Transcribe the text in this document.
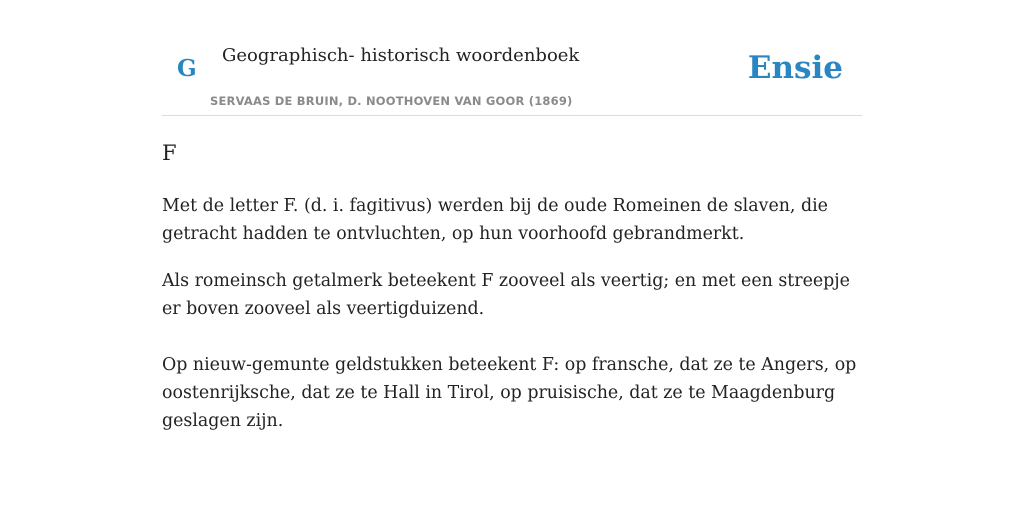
G Geographisch- historisch woordenboek
SERVAAS DE BRUIN, D. NOOTHOVEN VAN GOOR (1869)
Ensie
F

Met de letter F. (d. i. fagitivus) werden bij de oude Romeinen de slaven, die getracht hadden te ontvluchten, op hun voorhoofd gebrandmerkt.

Als romeinsch getalmerk beteekent F zooveel als veertig; en met een streepje er boven zooveel als veertigduizend.

Op nieuw-gemunte geldstukken beteekent F: op fransche, dat ze te Angers, op oostenrijksche, dat ze te Hall in Tirol, op pruisische, dat ze te Maagdenburg geslagen zijn.
